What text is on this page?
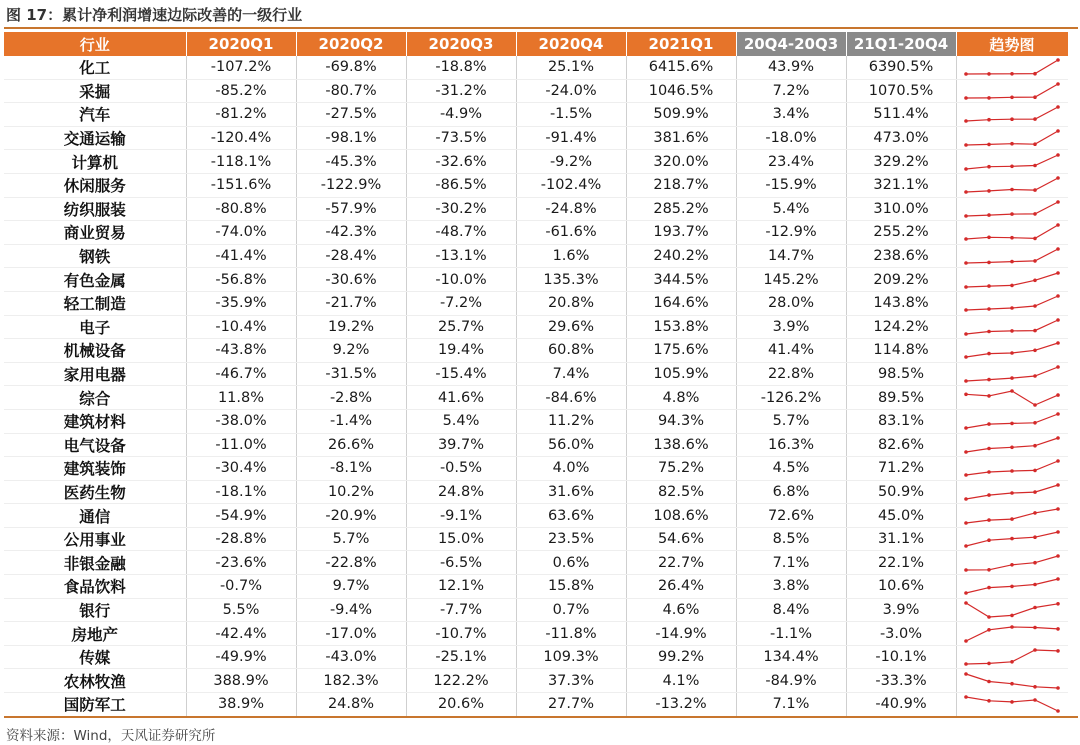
图 17：累计净利润增速边际改善的一级行业
行业	2020Q1	2020Q2	2020Q3	2020Q4	2021Q1	20Q4-20Q3	21Q1-20Q4	趋势图
化工	-107.2%	-69.8%	-18.8%	25.1%	6415.6%	43.9%	6390.5%	

采掘	-85.2%	-80.7%	-31.2%	-24.0%	1046.5%	7.2%	1070.5%	

汽车	-81.2%	-27.5%	-4.9%	-1.5%	509.9%	3.4%	511.4%	

交通运输	-120.4%	-98.1%	-73.5%	-91.4%	381.6%	-18.0%	473.0%	

计算机	-118.1%	-45.3%	-32.6%	-9.2%	320.0%	23.4%	329.2%	

休闲服务	-151.6%	-122.9%	-86.5%	-102.4%	218.7%	-15.9%	321.1%	

纺织服装	-80.8%	-57.9%	-30.2%	-24.8%	285.2%	5.4%	310.0%	

商业贸易	-74.0%	-42.3%	-48.7%	-61.6%	193.7%	-12.9%	255.2%	

钢铁	-41.4%	-28.4%	-13.1%	1.6%	240.2%	14.7%	238.6%	

有色金属	-56.8%	-30.6%	-10.0%	135.3%	344.5%	145.2%	209.2%	

轻工制造	-35.9%	-21.7%	-7.2%	20.8%	164.6%	28.0%	143.8%	

电子	-10.4%	19.2%	25.7%	29.6%	153.8%	3.9%	124.2%	

机械设备	-43.8%	9.2%	19.4%	60.8%	175.6%	41.4%	114.8%	

家用电器	-46.7%	-31.5%	-15.4%	7.4%	105.9%	22.8%	98.5%	

综合	11.8%	-2.8%	41.6%	-84.6%	4.8%	-126.2%	89.5%	

建筑材料	-38.0%	-1.4%	5.4%	11.2%	94.3%	5.7%	83.1%	

电气设备	-11.0%	26.6%	39.7%	56.0%	138.6%	16.3%	82.6%	

建筑装饰	-30.4%	-8.1%	-0.5%	4.0%	75.2%	4.5%	71.2%	

医药生物	-18.1%	10.2%	24.8%	31.6%	82.5%	6.8%	50.9%	

通信	-54.9%	-20.9%	-9.1%	63.6%	108.6%	72.6%	45.0%	

公用事业	-28.8%	5.7%	15.0%	23.5%	54.6%	8.5%	31.1%	

非银金融	-23.6%	-22.8%	-6.5%	0.6%	22.7%	7.1%	22.1%	

食品饮料	-0.7%	9.7%	12.1%	15.8%	26.4%	3.8%	10.6%	

银行	5.5%	-9.4%	-7.7%	0.7%	4.6%	8.4%	3.9%	

房地产	-42.4%	-17.0%	-10.7%	-11.8%	-14.9%	-1.1%	-3.0%	

传媒	-49.9%	-43.0%	-25.1%	109.3%	99.2%	134.4%	-10.1%	

农林牧渔	388.9%	182.3%	122.2%	37.3%	4.1%	-84.9%	-33.3%	

国防军工	38.9%	24.8%	20.6%	27.7%	-13.2%	7.1%	-40.9%	
资料来源：Wind，天风证券研究所
